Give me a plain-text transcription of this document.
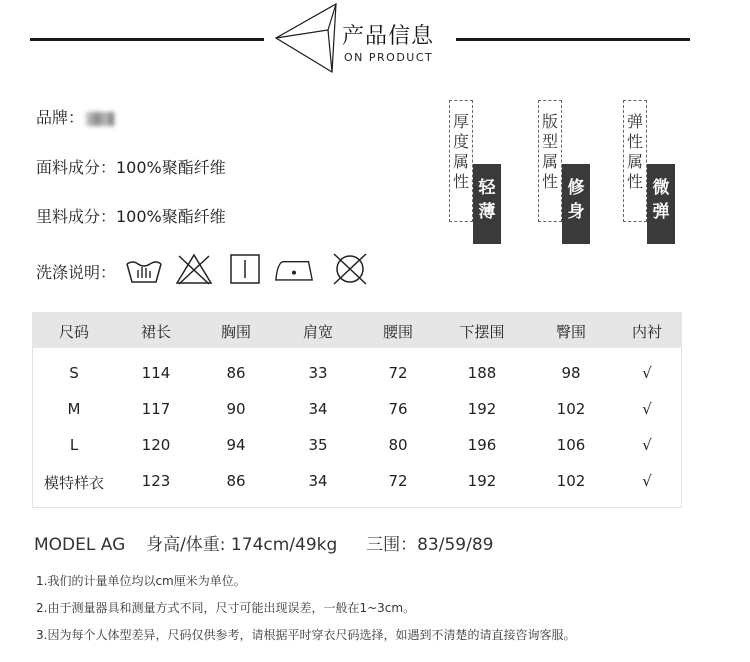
产品信息
ON PRODUCT
品牌：
面料成分：100%聚酯纤维
里料成分：100%聚酯纤维
洗涤说明：
厚
度
属
性 轻
薄
版
型
属
性 修
身
弹
性
属
性 微
弹
尺码	裙长	胸围	肩宽	腰围	下摆围	臀围	内衬
S	114	86	33	72	188	98	√
M	117	90	34	76	192	102	√
L	120	94	35	80	196	106	√
模特样衣	123	86	34	72	192	102	√
MODEL AG 身高/体重: 174cm/49kg 三围：83/59/89
1.我们的计量单位均以cm厘米为单位。
2.由于测量器具和测量方式不同，尺寸可能出现误差，一般在1~3cm。
3.因为每个人体型差异，尺码仅供参考，请根据平时穿衣尺码选择，如遇到不清楚的请直接咨询客服。
